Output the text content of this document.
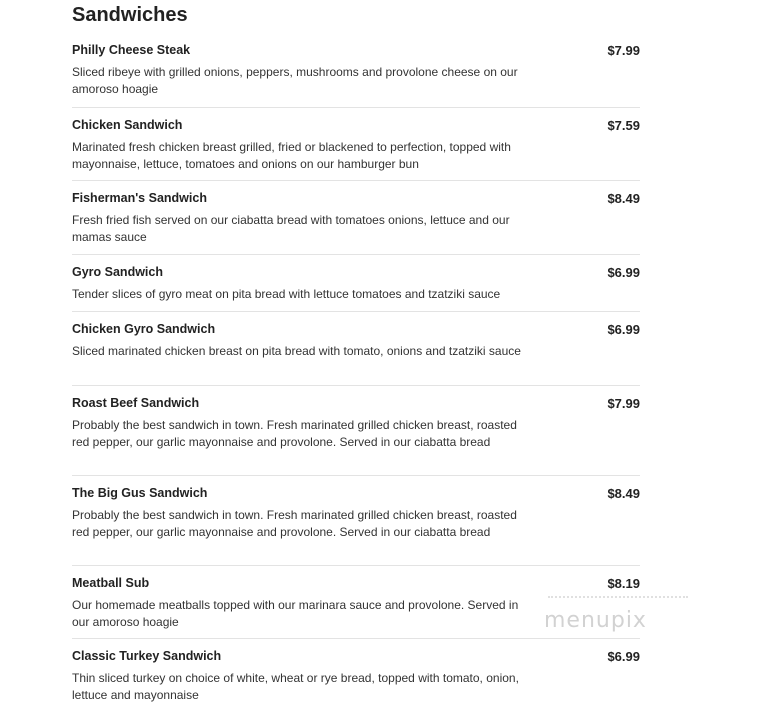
Sandwiches
Philly Cheese Steak	$7.99
Sliced ribeye with grilled onions, peppers, mushrooms and provolone cheese on our amoroso hoagie
Chicken Sandwich	$7.59
Marinated fresh chicken breast grilled, fried or blackened to perfection, topped with mayonnaise, lettuce, tomatoes and onions on our hamburger bun
Fisherman's Sandwich	$8.49
Fresh fried fish served on our ciabatta bread with tomatoes onions, lettuce and our mamas sauce
Gyro Sandwich	$6.99
Tender slices of gyro meat on pita bread with lettuce tomatoes and tzatziki sauce
Chicken Gyro Sandwich	$6.99
Sliced marinated chicken breast on pita bread with tomato, onions and tzatziki sauce
Roast Beef Sandwich	$7.99
Probably the best sandwich in town. Fresh marinated grilled chicken breast, roasted red pepper, our garlic mayonnaise and provolone. Served in our ciabatta bread
The Big Gus Sandwich	$8.49
Probably the best sandwich in town. Fresh marinated grilled chicken breast, roasted red pepper, our garlic mayonnaise and provolone. Served in our ciabatta bread
Meatball Sub	$8.19
Our homemade meatballs topped with our marinara sauce and provolone. Served in our amoroso hoagie
Classic Turkey Sandwich	$6.99
Thin sliced turkey on choice of white, wheat or rye bread, topped with tomato, onion, lettuce and mayonnaise
menupix
